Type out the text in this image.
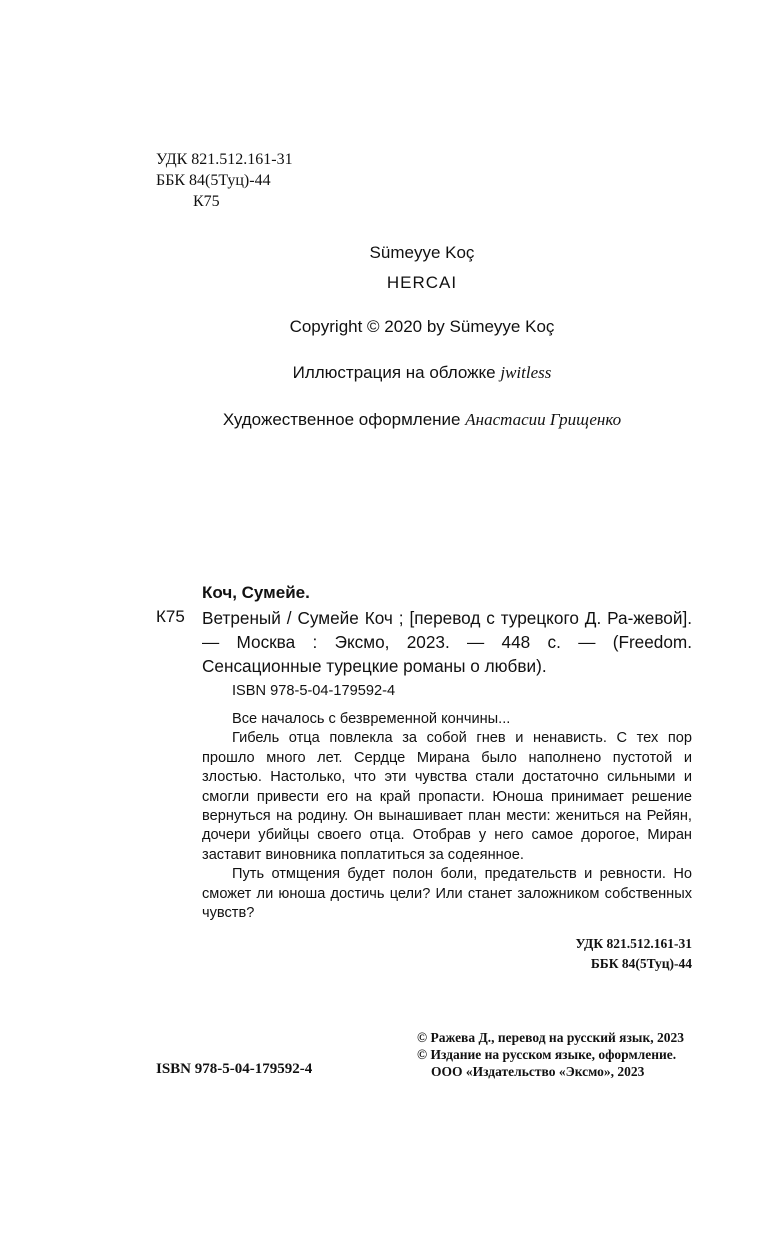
УДК 821.512.161-31
ББК 84(5Туц)-44
К75
Sümeyye Koç
HERCAI
Copyright © 2020 by Sümeyye Koç
Иллюстрация на обложке jwitless
Художественное оформление Анастасии Грищенко
Коч, Сумейе.
К75 Ветреный / Сумейе Коч ; [перевод с турецкого Д. Ра-жевой]. — Москва : Эксмо, 2023. — 448 с. — (Freedom. Сенсационные турецкие романы о любви).

ISBN 978-5-04-179592-4

Все началось с безвременной кончины...

Гибель отца повлекла за собой гнев и ненависть. С тех пор прошло много лет. Сердце Мирана было наполнено пустотой и злостью. Настолько, что эти чувства стали достаточно сильными и смогли привести его на край пропасти. Юноша принимает решение вернуться на родину. Он вынашивает план мести: жениться на Рейян, дочери убийцы своего отца. Отобрав у него самое дорогое, Миран заставит виновника поплатиться за содеянное.

Путь отмщения будет полон боли, предательств и ревности. Но сможет ли юноша достичь цели? Или станет заложником собственных чувств?

УДК 821.512.161-31
ББК 84(5Туц)-44
© Ражева Д., перевод на русский язык, 2023
© Издание на русском языке, оформление.
ООО «Издательство «Эксмо», 2023
ISBN 978-5-04-179592-4
